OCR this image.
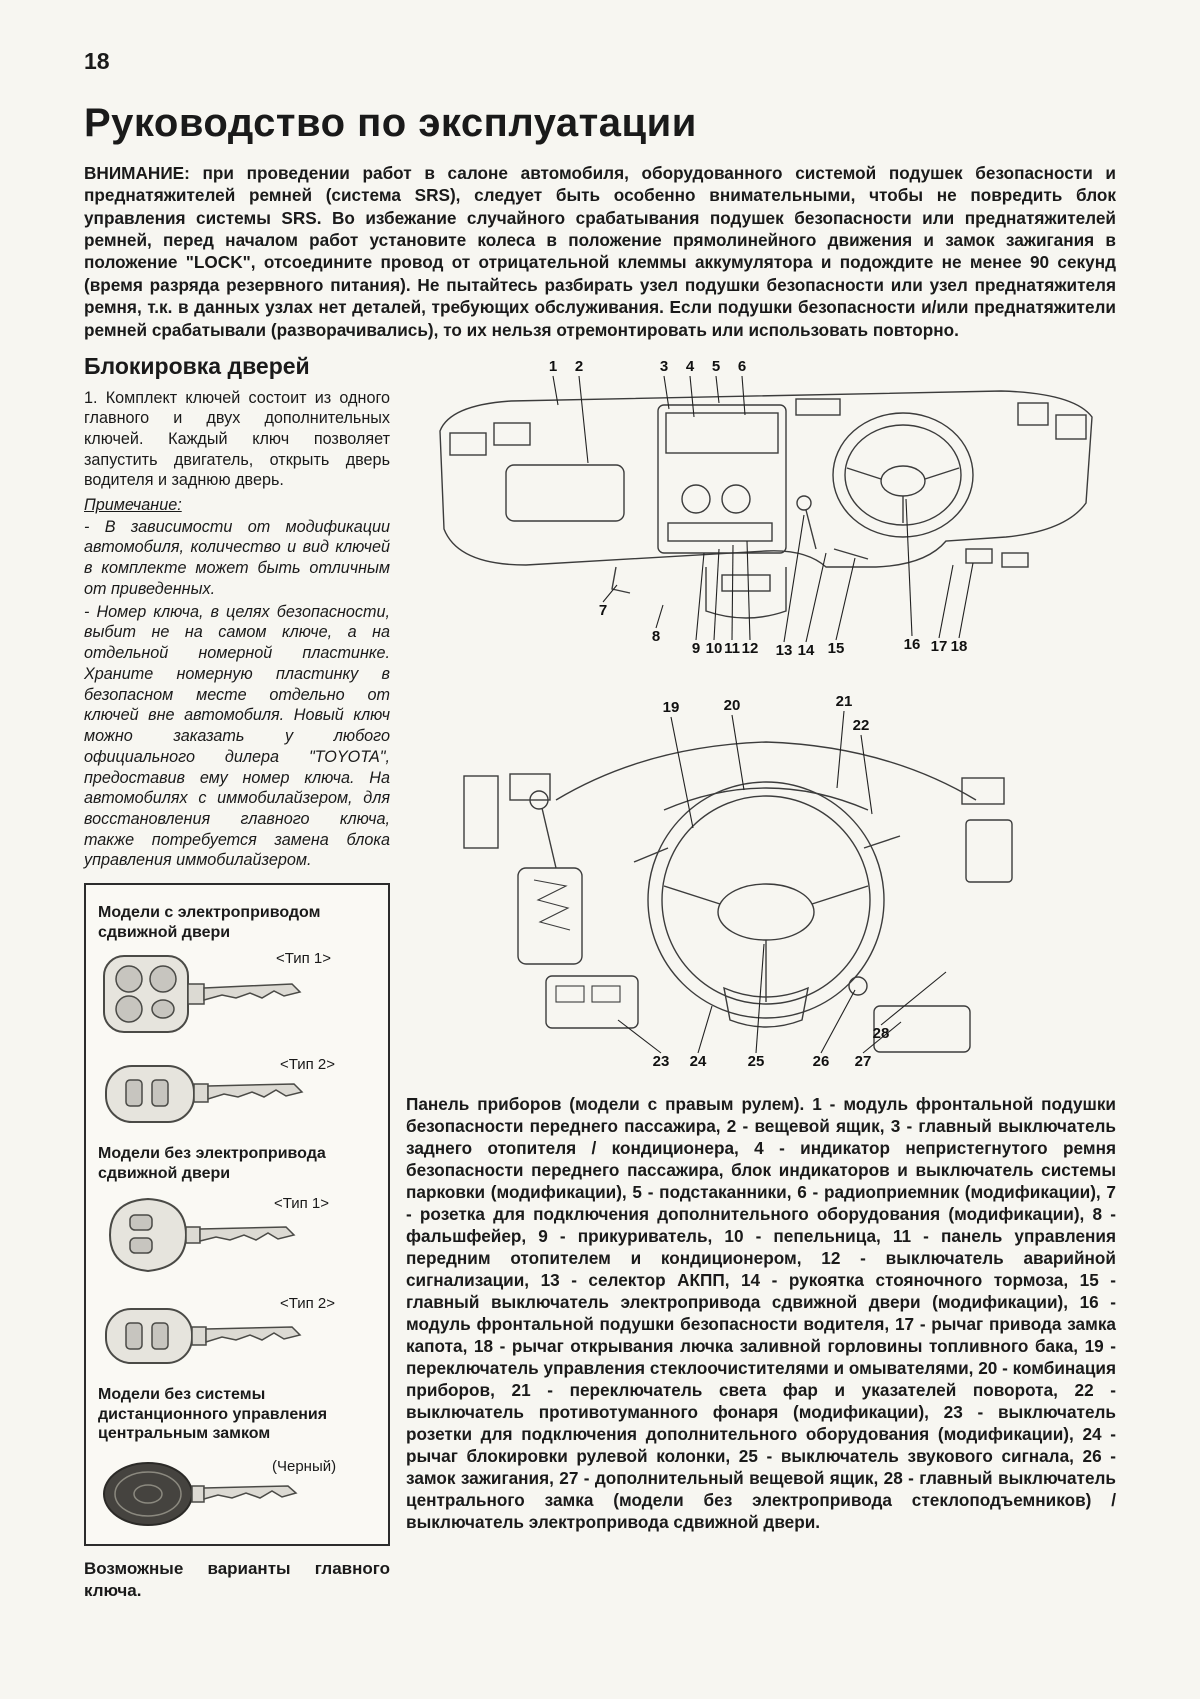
18
Руководство по эксплуатации

ВНИМАНИЕ: при проведении работ в салоне автомобиля, оборудованного системой подушек безопасности и преднатяжителей ремней (система SRS), следует быть особенно внимательными, чтобы не повредить блок управления системы SRS. Во избежание случайного срабатывания подушек безопасности или преднатяжителей ремней, перед началом работ установите колеса в положение прямолинейного движения и замок зажигания в положение "LOCK", отсоедините провод от отрицательной клеммы аккумулятора и подождите не менее 90 секунд (время разряда резервного питания). Не пытайтесь разбирать узел подушки безопасности или узел преднатяжителя ремня, т.к. в данных узлах нет деталей, требующих обслуживания. Если подушки безопасности и/или преднатяжители ремней срабатывали (разворачивались), то их нельзя отремонтировать или использовать повторно.

Блокировка дверей

1. Комплект ключей состоит из одного главного и двух дополнительных ключей. Каждый ключ позволяет запустить двигатель, открыть дверь водителя и заднюю дверь.

Примечание:

- В зависимости от модификации автомобиля, количество и вид ключей в комплекте может быть отличным от приведенных.

- Номер ключа, в целях безопасности, выбит не на самом ключе, а на отдельной номерной пластинке. Храните номерную пластинку в безопасном месте отдельно от ключей вне автомобиля. Новый ключ можно заказать у любого официального дилера "TOYOTA", предоставив ему номер ключа. На автомобилях с иммобилайзером, для восстановления главного ключа, также потребуется замена блока управления иммобилайзером.

Модели с электроприводом сдвижной двери
<Тип 1>
<Тип 2>
Модели без электропривода сдвижной двери
<Тип 1>
<Тип 2>
Модели без системы дистанционного управления центральным замком
(Черный)

Возможные варианты главного ключа.

1 2	3 4 5 6
7
8
9 10 11 12 13 14 15	16 17 18
19	20	21
22
23 24	25	26 27
28

Панель приборов (модели с правым рулем). 1 - модуль фронтальной подушки безопасности переднего пассажира, 2 - вещевой ящик, 3 - главный выключатель заднего отопителя / кондиционера, 4 - индикатор непристегнутого ремня безопасности переднего пассажира, блок индикаторов и выключатель системы парковки (модификации), 5 - подстаканники, 6 - радиоприемник (модификации), 7 - розетка для подключения дополнительного оборудования (модификации), 8 - фальшфейер, 9 - прикуриватель, 10 - пепельница, 11 - панель управления передним отопителем и кондиционером, 12 - выключатель аварийной сигнализации, 13 - селектор АКПП, 14 - рукоятка стояночного тормоза, 15 - главный выключатель электропривода сдвижной двери (модификации), 16 - модуль фронтальной подушки безопасности водителя, 17 - рычаг привода замка капота, 18 - рычаг открывания лючка заливной горловины топливного бака, 19 - переключатель управления стеклоочистителями и омывателями, 20 - комбинация приборов, 21 - переключатель света фар и указателей поворота, 22 - выключатель противотуманного фонаря (модификации), 23 - выключатель розетки для подключения дополнительного оборудования (модификации), 24 - рычаг блокировки рулевой колонки, 25 - выключатель звукового сигнала, 26 - замок зажигания, 27 - дополнительный вещевой ящик, 28 - главный выключатель центрального замка (модели без электропривода стеклоподъемников) / выключатель электропривода сдвижной двери.
